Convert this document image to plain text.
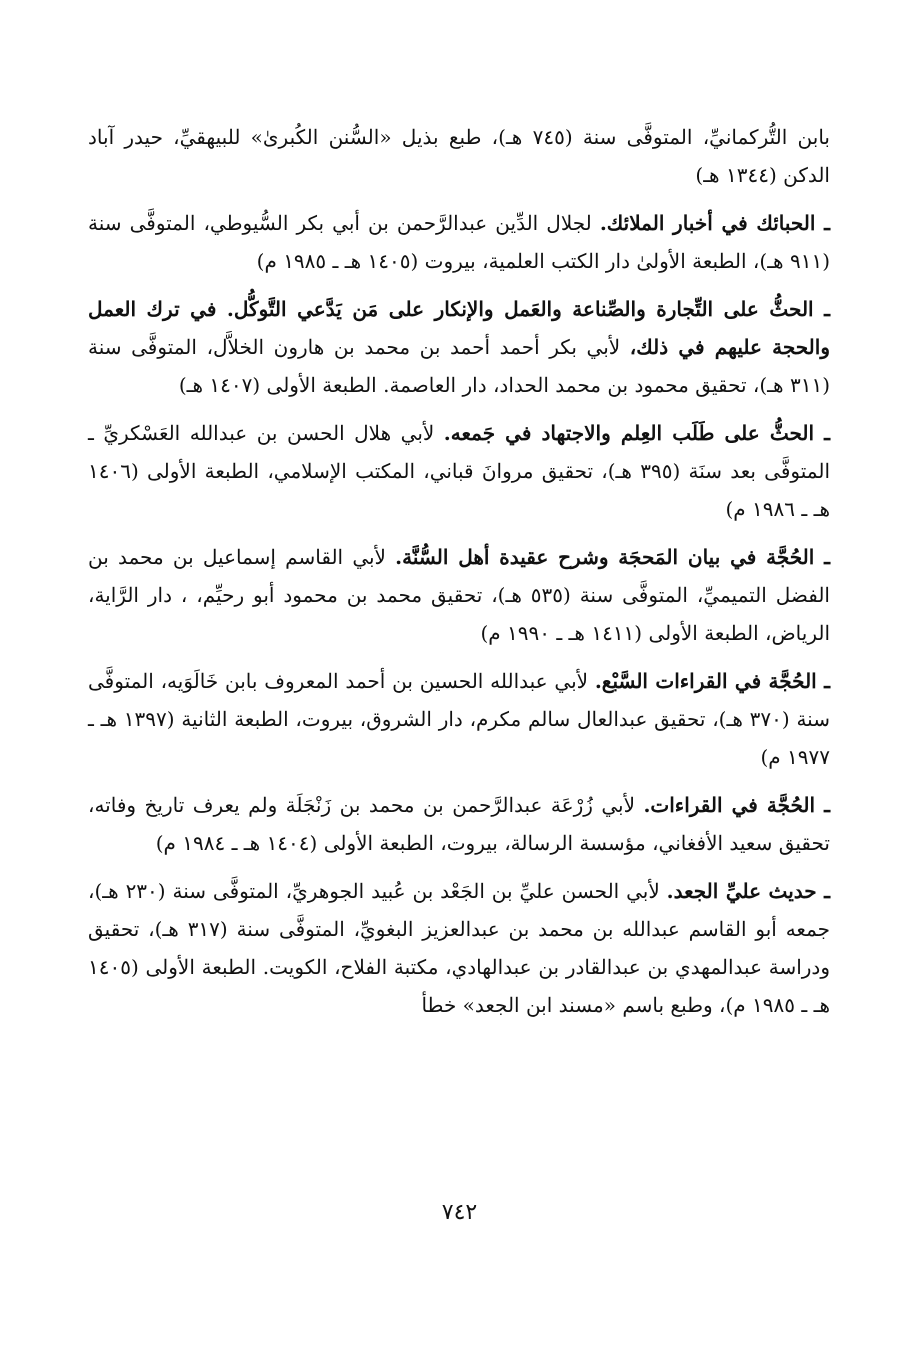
بابن التُّركمانيِّ، المتوفَّى سنة (٧٤٥ هـ)، طبع بذيل «السُّنن الكُبرىٰ» للبيهقيِّ، حيدر آباد الدكن (١٣٤٤ هـ)

ـ الحبائك في أخبار الملائك. لجلال الدِّين عبدالرَّحمن بن أبي بكر السُّيوطي، المتوفَّى سنة (٩١١ هـ)، الطبعة الأولىٰ دار الكتب العلمية، بيروت (١٤٠٥ هـ ـ ١٩٨٥ م)

ـ الحثُّ على التِّجارة والصِّناعة والعَمل والإنكار على مَن يَدَّعي التَّوكُّل. في ترك العمل والحجة عليهم في ذلك، لأبي بكر أحمد أحمد بن محمد بن هارون الخلاَّل، المتوفَّى سنة (٣١١ هـ)، تحقيق محمود بن محمد الحداد، دار العاصمة. الطبعة الأولى (١٤٠٧ هـ)

ـ الحثُّ على طَلَب العِلم والاجتهاد في جَمعه. لأبي هلال الحسن بن عبدالله العَسْكريِّ ـ المتوفَّى بعد سنَة (٣٩٥ هـ)، تحقيق مروانَ قباني، المكتب الإسلامي، الطبعة الأولى (١٤٠٦ هـ ـ ١٩٨٦ م)

ـ الحُجَّة في بيان المَحجَة وشرح عقيدة أهل السُّنَّة. لأبي القاسم إسماعيل بن محمد بن الفضل التميميِّ، المتوفَّى سنة (٥٣٥ هـ)، تحقيق محمد بن محمود أبو رحيِّم، ، دار الرَّاية، الرياض، الطبعة الأولى (١٤١١ هـ ـ ١٩٩٠ م)

ـ الحُجَّة في القراءات السَّبْع. لأبي عبدالله الحسين بن أحمد المعروف بابن خَالَوَيه، المتوفَّى سنة (٣٧٠ هـ)، تحقيق عبدالعال سالم مكرم، دار الشروق، بيروت، الطبعة الثانية (١٣٩٧ هـ ـ ١٩٧٧ م)

ـ الحُجَّة في القراءات. لأبي زُرْعَة عبدالرَّحمن بن محمد بن زَنْجَلَة ولم يعرف تاريخ وفاته، تحقيق سعيد الأفغاني، مؤسسة الرسالة، بيروت، الطبعة الأولى (١٤٠٤ هـ ـ ١٩٨٤ م)

ـ حديث عليِّ الجعد. لأبي الحسن عليِّ بن الجَعْد بن عُبيد الجوهريِّ، المتوفَّى سنة (٢٣٠ هـ)، جمعه أبو القاسم عبدالله بن محمد بن عبدالعزيز البغويِّ، المتوفَّى سنة (٣١٧ هـ)، تحقيق ودراسة عبدالمهدي بن عبدالقادر بن عبدالهادي، مكتبة الفلاح، الكويت. الطبعة الأولى (١٤٠٥ هـ ـ ١٩٨٥ م)، وطبع باسم «مسند ابن الجعد» خطأ

٧٤٢
